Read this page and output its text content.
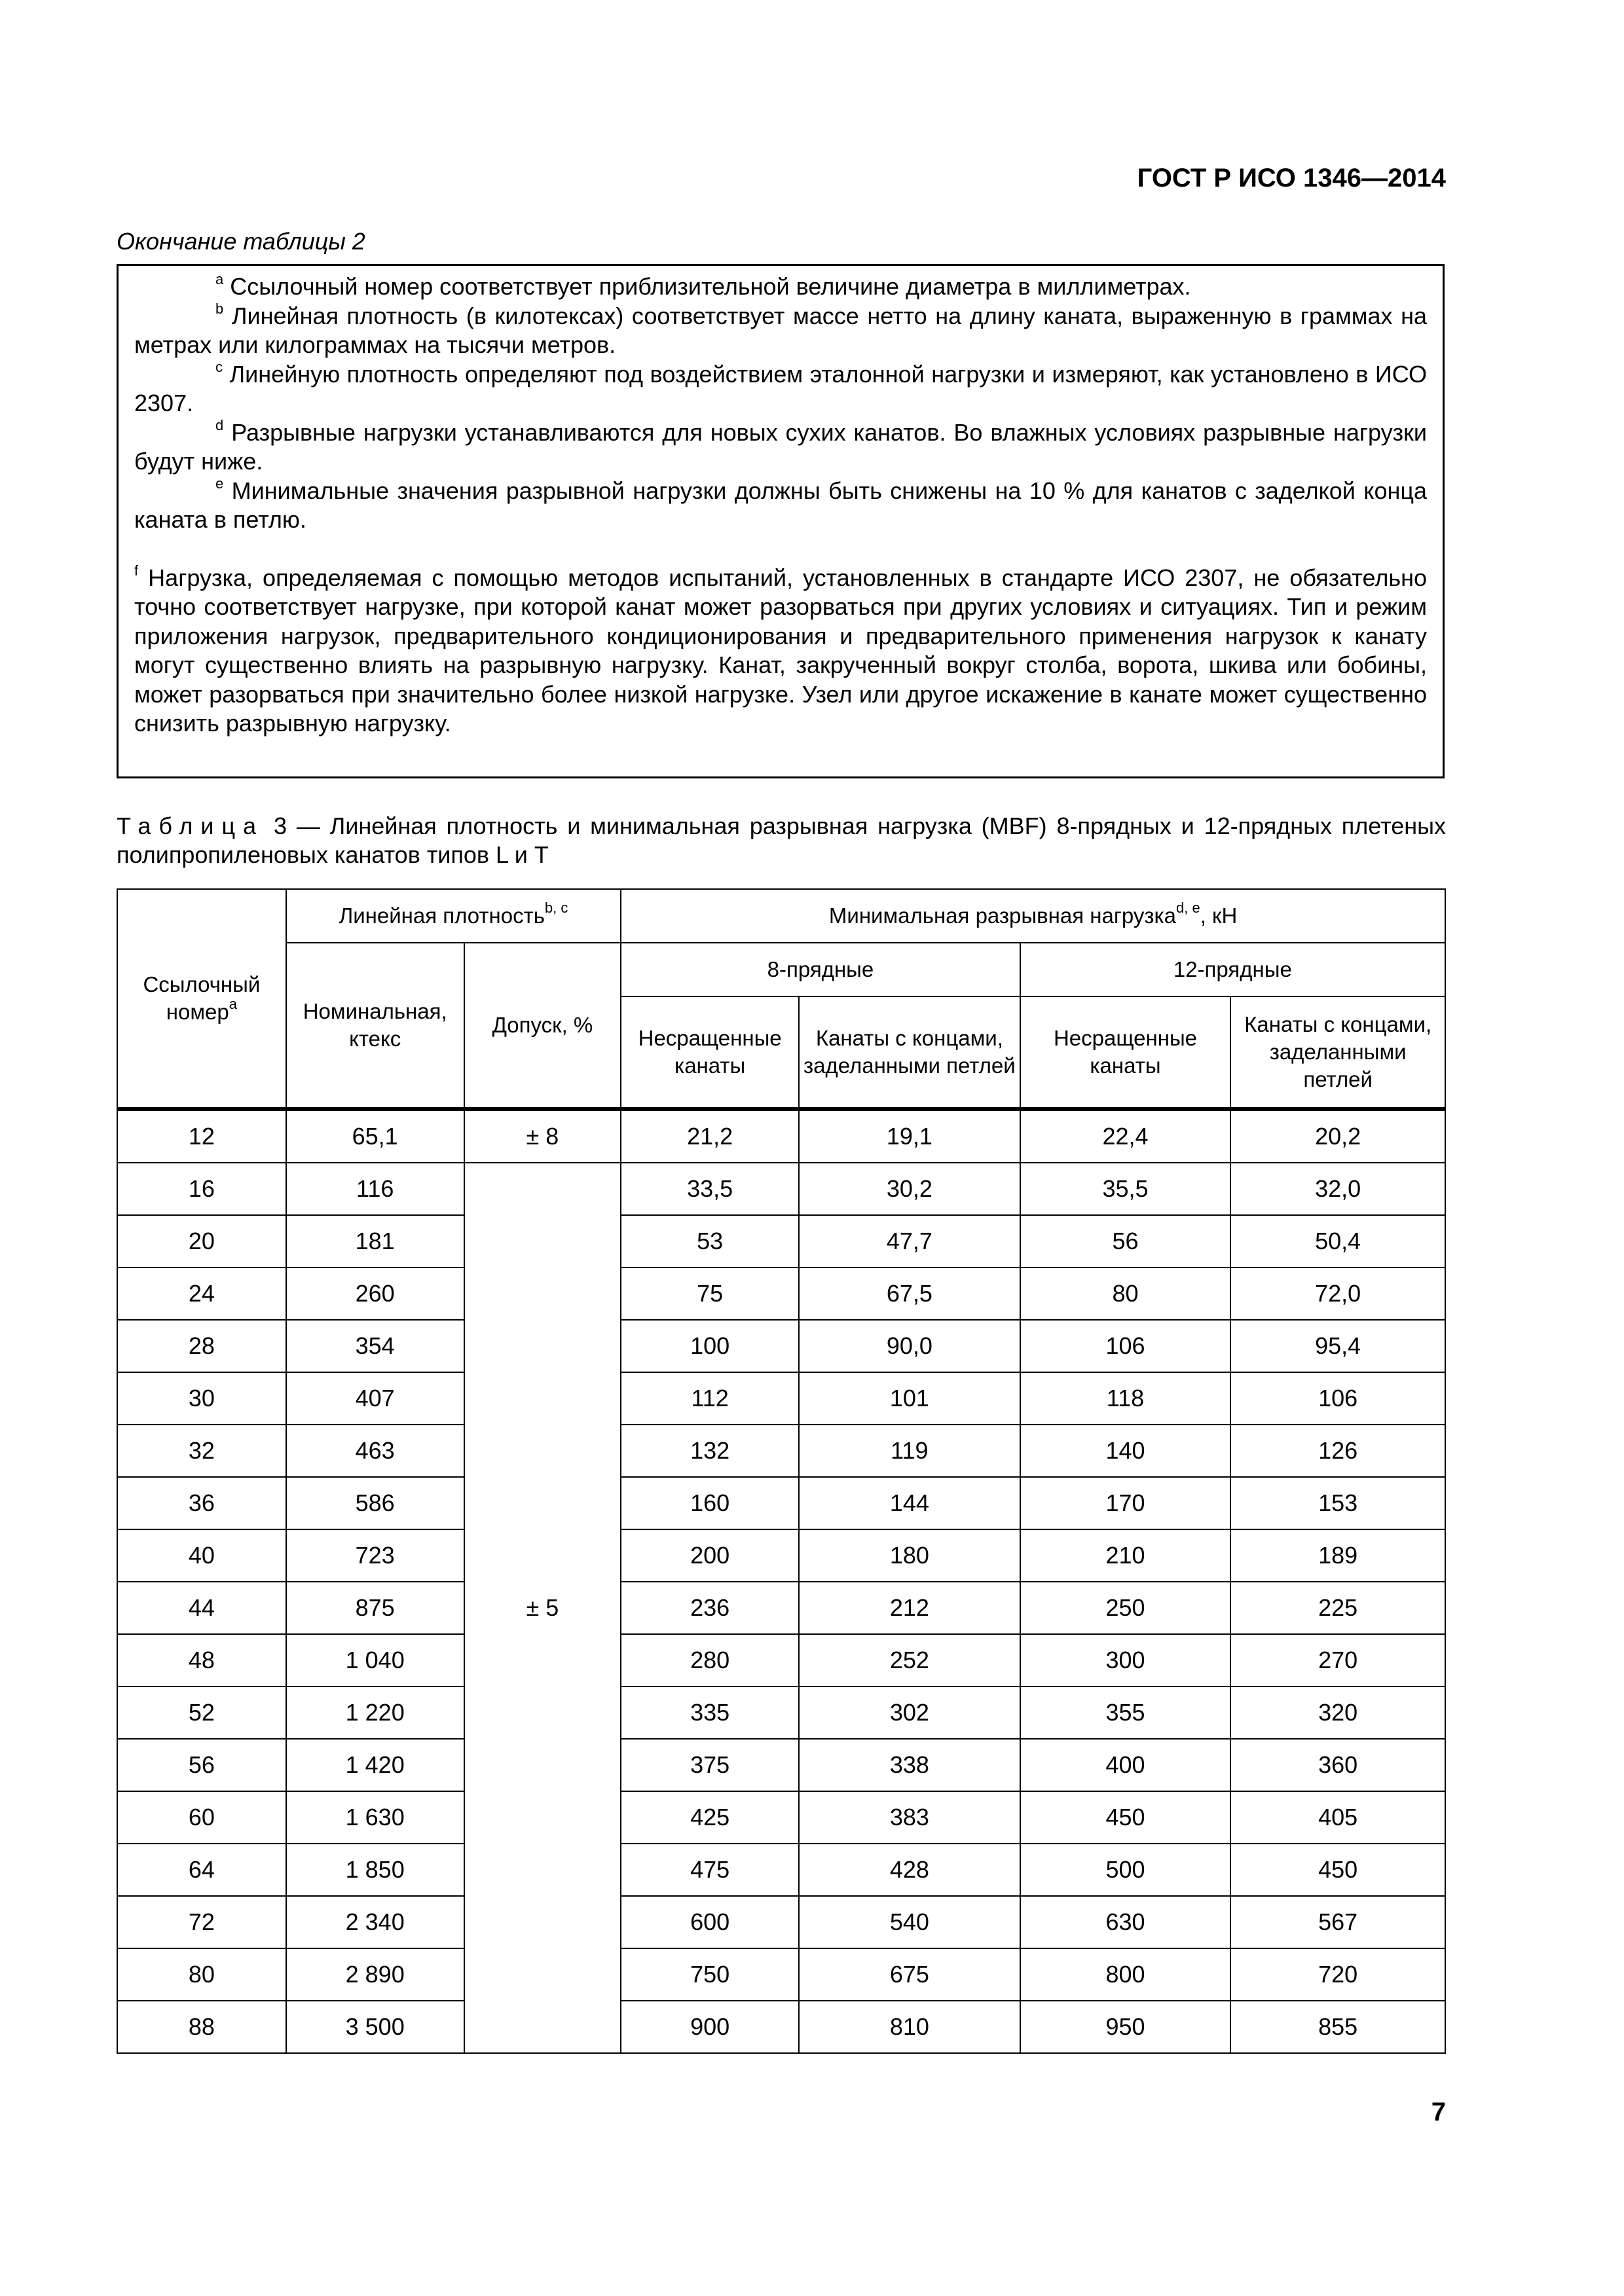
ГОСТ Р ИСО 1346—2014
Окончание таблицы 2

$^a$ Ссылочный номер соответствует приблизительной величине диаметра в миллиметрах.

$^b$ Линейная плотность (в килотексах) соответствует массе нетто на длину каната, выраженную в граммах на метрах или килограммах на тысячи метров.

$^c$ Линейную плотность определяют под воздействием эталонной нагрузки и измеряют, как установлено в ИСО 2307.

$^d$ Разрывные нагрузки устанавливаются для новых сухих канатов. Во влажных условиях разрывные нагрузки будут ниже.

$^e$ Минимальные значения разрывной нагрузки должны быть снижены на 10 % для канатов с заделкой конца каната в петлю.

$^f$ Нагрузка, определяемая с помощью методов испытаний, установленных в стандарте ИСО 2307, не обязательно точно соответствует нагрузке, при которой канат может разорваться при других условиях и ситуациях. Тип и режим приложения нагрузок, предварительного кондиционирования и предварительного применения нагрузок к канату могут существенно влиять на разрывную нагрузку. Канат, закрученный вокруг столба, ворота, шкива или бобины, может разорваться при значительно более низкой нагрузке. Узел или другое искажение в канате может существенно снизить разрывную нагрузку.

Таблица 3 — Линейная плотность и минимальная разрывная нагрузка (MBF) 8-прядных и 12-прядных плетеных полипропиленовых канатов типов L и T
Ссылочный номер$^a$	Линейная плотность$^{b, c}$		Минимальная разрывная нагрузка$^{d, e}$, кН			
	Номинальная, ктекс	Допуск, %	8-прядные		12-прядные	
			Несращенные канаты	Канаты с концами, заделанными петлей	Несращенные канаты	Канаты с концами, заделанными петлей
12	65,1	± 8	21,2	19,1	22,4	20,2
16	116	± 5	33,5	30,2	35,5	32,0
20	181		53	47,7	56	50,4
24	260		75	67,5	80	72,0
28	354		100	90,0	106	95,4
30	407		112	101	118	106
32	463		132	119	140	126
36	586		160	144	170	153
40	723		200	180	210	189
44	875		236	212	250	225
48	1 040		280	252	300	270
52	1 220		335	302	355	320
56	1 420		375	338	400	360
60	1 630		425	383	450	405
64	1 850		475	428	500	450
72	2 340		600	540	630	567
80	2 890		750	675	800	720
88	3 500		900	810	950	855
7
